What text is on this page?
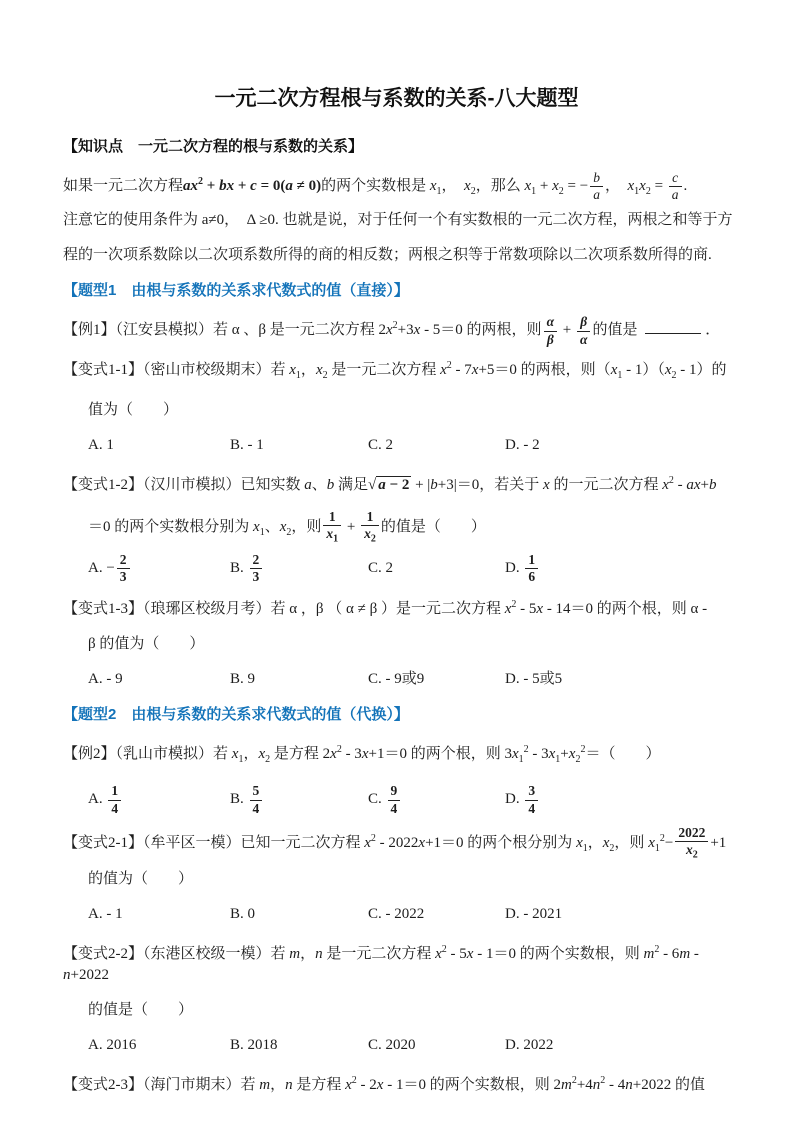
一元二次方程根与系数的关系-八大题型
【知识点　一元二次方程的根与系数的关系】
如果一元二次方程$ax^2$ + bx + c = 0(a ≠ 0)的两个实数根是 $x_1$，　$x_2$，那么 $x_1 + x_2$ = − $\frac{b}{a}$ ，　$x_1x_2 = \frac{c}{a}$ .
注意它的使用条件为 a≠0，　Δ ≥0. 也就是说，对于任何一个有实数根的一元二次方程，两根之和等于方
程的一次项系数除以二次项系数所得的商的相反数；两根之积等于常数项除以二次项系数所得的商.
【题型1　由根与系数的关系求代数式的值（直接）】
【例1】（江安县模拟）若 α 、β 是一元二次方程 $2x^2+3x - 5=0$ 的两根，则 $\frac{\alpha}{\beta} + \frac{\beta}{\alpha}$ 的值是	．
【变式1-1】（密山市校级期末）若 $x_1$，$x_2$ 是一元二次方程 $x^2 - 7x+5=0$ 的两根，则$(x_1 - 1)(x_2 - 1)$的
值为（　　）
A. 1	B. - 1	C. 2	D. - 2
【变式1-2】（汉川市模拟）已知实数 a、b 满足√ a − 2 + |b+3|＝0，若关于 x 的一元二次方程 $x^2 - ax+b$
＝0 的两个实数根分别为 $x_1$、$x_2$，则 $\frac{1}{x_1} + \frac{1}{x_2}$ 的值是（　　）
A. − $\frac{2}{3}$	B. $\frac{2}{3}$	C. 2	D. $\frac{1}{6}$
【变式1-3】（琅琊区校级月考）若 α ，β （ α ≠ β ）是一元二次方程 $x^2 - 5x - 14=0$ 的两个根，则 α -
β 的值为（　　）
A. - 9	B. 9	C. - 9或9	D. - 5或5
【题型2　由根与系数的关系求代数式的值（代换）】
【例2】（乳山市模拟）若 $x_1$，$x_2$ 是方程 $2x^2 - 3x+1=0$ 的两个根，则 $3x_1^2 - 3x_1+x_2^2=$（　　）
A. $\frac{1}{4}$	B. $\frac{5}{4}$	C. $\frac{9}{4}$	D. $\frac{3}{4}$
【变式2-1】（牟平区一模）已知一元二次方程 $x^2 - 2022x+1=0$ 的两个根分别为 $x_1$，$x_2$，则 $x_1^2- \frac{2022}{x_2} +1$
的值为（　　）
A. - 1	B. 0	C. - 2022	D. - 2021
【变式2-2】（东港区校级一模）若 m，n 是一元二次方程 $x^2 - 5x - 1=0$ 的两个实数根，则 $m^2 - 6m - n+2022$
的值是（　　）
A. 2016	B. 2018	C. 2020	D. 2022
【变式2-3】（海门市期末）若 m，n 是方程 $x^2 - 2x - 1=0$ 的两个实数根，则 $2m^2+4n^2 - 4n+2022$ 的值
